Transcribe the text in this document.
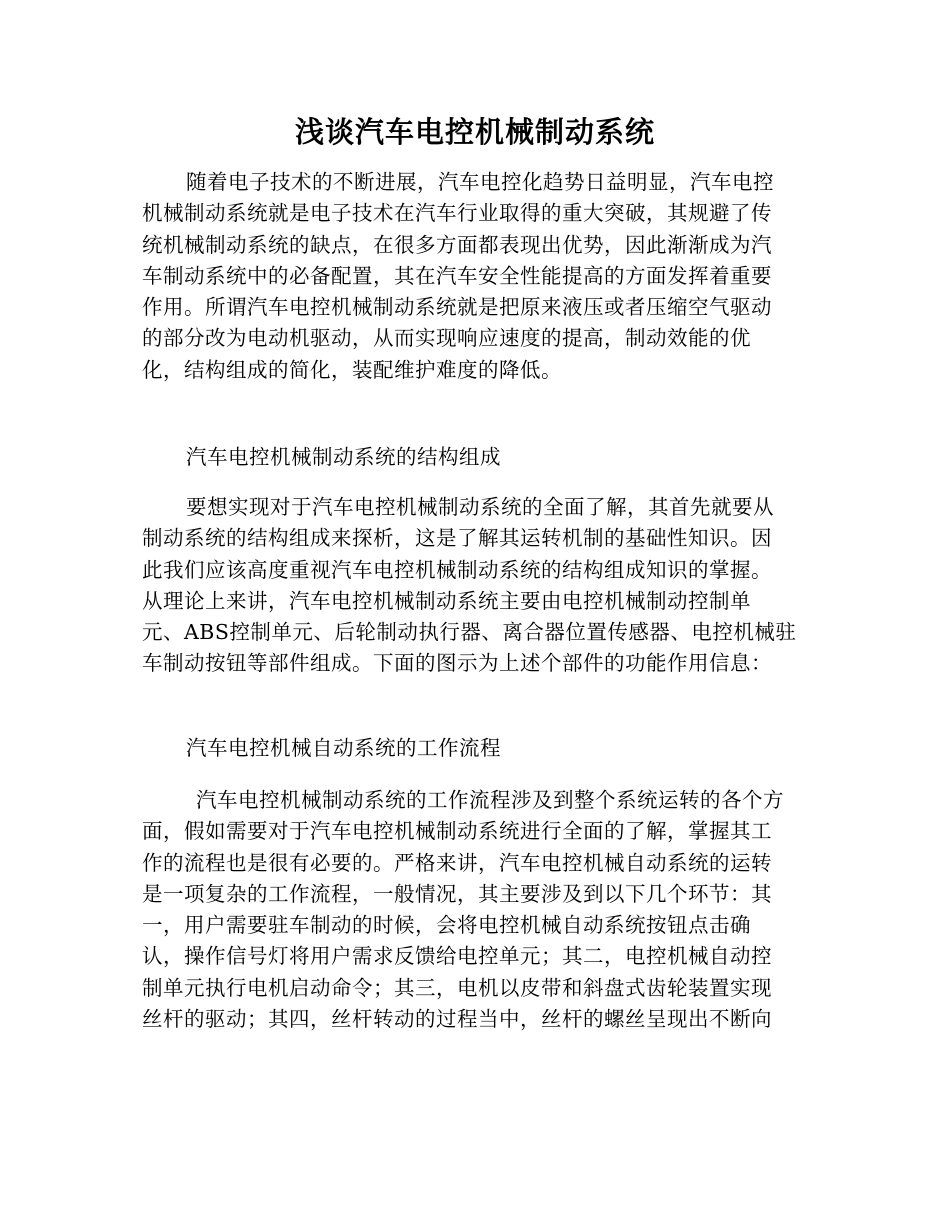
浅谈汽车电控机械制动系统
随着电子技术的不断进展，汽车电控化趋势日益明显，汽车电控
机械制动系统就是电子技术在汽车行业取得的重大突破，其规避了传
统机械制动系统的缺点，在很多方面都表现出优势，因此渐渐成为汽
车制动系统中的必备配置，其在汽车安全性能提高的方面发挥着重要
作用。所谓汽车电控机械制动系统就是把原来液压或者压缩空气驱动
的部分改为电动机驱动，从而实现响应速度的提高，制动效能的优
化，结构组成的简化，装配维护难度的降低。
汽车电控机械制动系统的结构组成
要想实现对于汽车电控机械制动系统的全面了解，其首先就要从
制动系统的结构组成来探析，这是了解其运转机制的基础性知识。因
此我们应该高度重视汽车电控机械制动系统的结构组成知识的掌握。
从理论上来讲，汽车电控机械制动系统主要由电控机械制动控制单
元、ABS控制单元、后轮制动执行器、离合器位置传感器、电控机械驻
车制动按钮等部件组成。下面的图示为上述个部件的功能作用信息：
汽车电控机械自动系统的工作流程
汽车电控机械制动系统的工作流程涉及到整个系统运转的各个方
面，假如需要对于汽车电控机械制动系统进行全面的了解，掌握其工
作的流程也是很有必要的。严格来讲，汽车电控机械自动系统的运转
是一项复杂的工作流程，一般情况，其主要涉及到以下几个环节：其
一，用户需要驻车制动的时候，会将电控机械自动系统按钮点击确
认，操作信号灯将用户需求反馈给电控单元；其二，电控机械自动控
制单元执行电机启动命令；其三，电机以皮带和斜盘式齿轮装置实现
丝杆的驱动；其四，丝杆转动的过程当中，丝杆的螺丝呈现出不断向
